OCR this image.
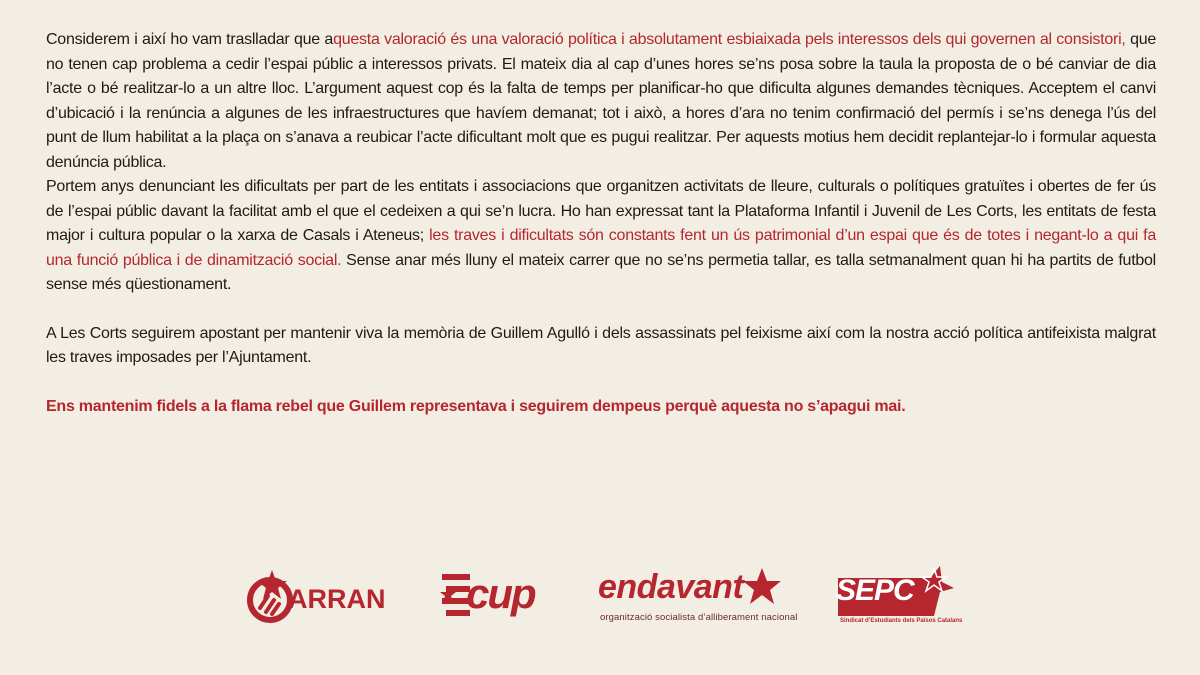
Considerem i així ho vam traslladar que aquesta valoració és una valoració política i absolutament esbiaixada pels interessos dels qui governen al consistori, que no tenen cap problema a cedir l’espai públic a interessos privats. El mateix dia al cap d’unes hores se’ns posa sobre la taula la proposta de o bé canviar de dia l’acte o bé realitzar-lo a un altre lloc. L’argument aquest cop és la falta de temps per planificar-ho que dificulta algunes demandes tècniques. Acceptem el canvi d’ubicació i la renúncia a algunes de les infraestructures que havíem demanat; tot i això, a hores d’ara no tenim confirmació del permís i se’ns denega l’ús del punt de llum habilitat a la plaça on s’anava a reubicar l’acte dificultant molt que es pugui realitzar. Per aquests motius hem decidit replantejar-lo i formular aquesta denúncia pública.

Portem anys denunciant les dificultats per part de les entitats i associacions que organitzen activitats de lleure, culturals o polítiques gratuïtes i obertes de fer ús de l’espai públic davant la facilitat amb el que el cedeixen a qui se’n lucra. Ho han expressat tant la Plataforma Infantil i Juvenil de Les Corts, les entitats de festa major i cultura popular o la xarxa de Casals i Ateneus; les traves i dificultats són constants fent un ús patrimonial d’un espai que és de totes i negant-lo a qui fa una funció pública i de dinamització social. Sense anar més lluny el mateix carrer que no se’ns permetia tallar, es talla setmanalment quan hi ha partits de futbol sense més qüestionament.

A Les Corts seguirem apostant per mantenir viva la memòria de Guillem Agulló i dels assassinats pel feixisme així com la nostra acció política antifeixista malgrat les traves imposades per l’Ajuntament.

Ens mantenim fidels a la flama rebel que Guillem representava i seguirem dempeus perquè aquesta no s’apagui mai.

ARRAN cup endavant
organització socialista d’alliberament nacional
SEPC
Sindicat d’Estudiants dels Països Catalans
